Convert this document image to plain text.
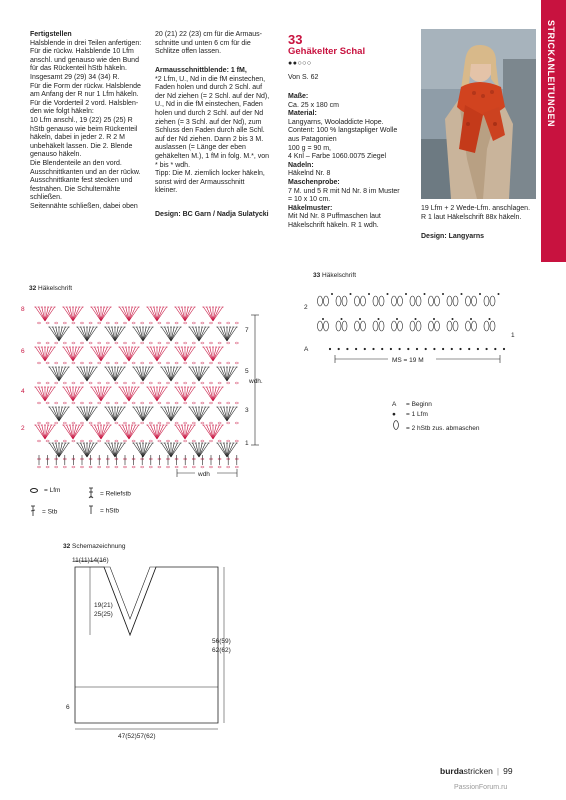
Fertigstellen

Halsblende in drei Teilen anfertigen:

Für die rückw. Halsblende 10 Lfm

anschl. und genauso wie den Bund

für das Rückenteil hStb häkeln.

Insgesamt 29 (29) 34 (34) R.

Für die Form der rückw. Halsblende

am Anfang der R nur 1 Lfm häkeln.

Für die Vorderteil 2 vord. Halsblen-

den wie folgt häkeln:

10 Lfm anschl., 19 (22) 25 (25) R

hStb genauso wie beim Rückenteil

häkeln, dabei in jeder 2. R 2 M

unbehäkelt lassen. Die 2. Blende

genauso häkeln.

Die Blendenteile an den vord.

Ausschnittkanten und an der rückw.

Ausschnittkante fest stecken und

festnähen. Die Schulternähte

schließen.

Seitennähte schließen, dabei oben

20 (21) 22 (23) cm für die Armaus-

schnitte und unten 6 cm für die

Schlitze offen lassen.

Armausschnittblende: 1 fM,

*2 Lfm, U., Nd in die fM einstechen,

Faden holen und durch 2 Schl. auf

der Nd ziehen (= 2 Schl. auf der Nd),

U., Nd in die fM einstechen, Faden

holen und durch 2 Schl. auf der Nd

ziehen (= 3 Schl. auf der Nd), zum

Schluss den Faden durch alle Schl.

auf der Nd ziehen. Dann 2 bis 3 M.

auslassen (= Länge der eben

gehäkelten M.), 1 fM in folg. M.*, von

* bis * wdh.

Tipp: Die M. ziemlich locker häkeln,

sonst wird der Armausschnitt

kleiner.

Design: BC Garn / Nadja Sulatycki
STRICKANLEITUNGEN
33
Gehäkelter Schal
●●○○○
Von S. 62

Maße:

Ca. 25 x 180 cm

Material:

Langyarns, Wooladdicte Hope.

Content: 100 % langstapliger Wolle

aus Patagonien

100 g = 90 m,

4 Knl – Farbe 1060.0075 Ziegel

Nadeln:

Häkelnd Nr. 8

Maschenprobe:

7 M. und 5 R mit Nd Nr. 8 im Muster

= 10 x 10 cm.

Häkelmuster:

Mit Nd Nr. 8 Puffmaschen laut

Häkelschrift häkeln. R 1 wdh.

19 Lfm + 2 Wede-Lfm. anschlagen.

R 1 laut Häkelschrift 88x häkeln.

Design: Langyarns
33 Häkelschrift
2
1
A
MS = 19 M
A = Beginn
● = 1 Lfm
= 2 hStb zus. abmaschen
32 Häkelschrift
8
6
4
2
7
5
3
1
wdh.
wdh
= Lfm
= Reliefstb
= Stb	= hStb
32 Schemazeichnung
11(11)14(16)
19(21)
25(25)
56(59)
62(62)
6
47(52)57(62)
burdastricken | 99
PassionForum.ru
